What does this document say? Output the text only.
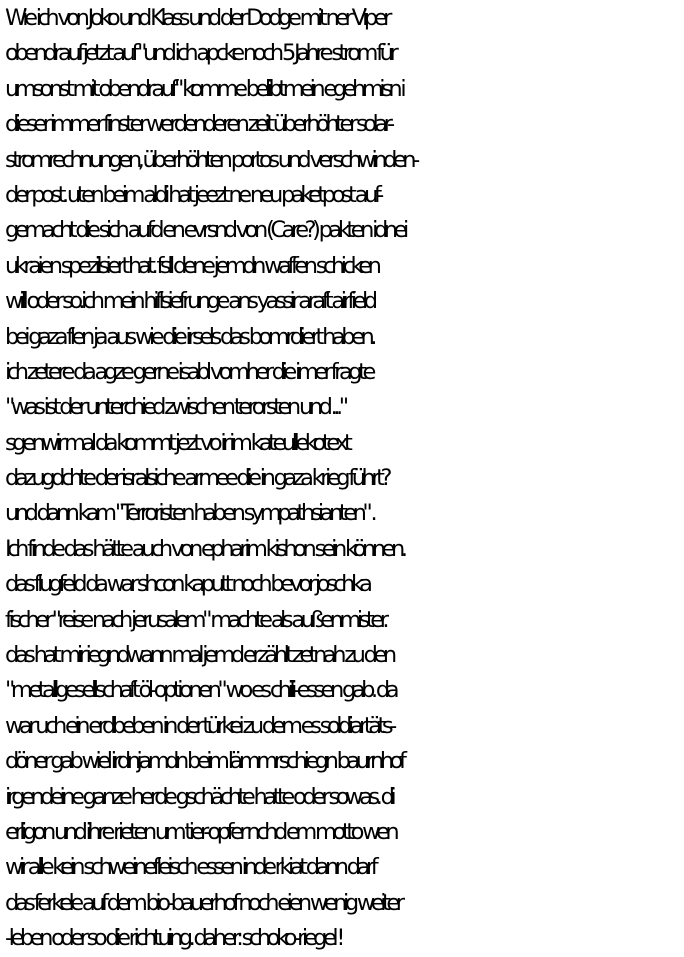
Wie ich von Joko und Klass und der Dodge mit ner Viper
obendrauf jetzt auf "und ich apcke noch 5 Jahre strom für
umsonst mit obendrauf" komme belibtmein egehmisn i
dieser immer finster werdenderen zeit überhöhter solar-
stromrechnungen, überhöhten portos und verschwinden-
der post. uten beim aldi hat jeezt ne neu paketpost auf-
gemacht die sich aufd en evrsnd von (Care?) pakten idnei
ukraien spezilsiert hat. fsll dene jemdn waffen schicken
will oder so.ich mein hiflsiefrunge ans yassir araft airfield
bei gaza flen ja aus wie die irsels das bomrdiert haben.
ich zetere da agze gerne isabl vomher die imer fragte
"was ist der unterchied zwischen terorsten und ..."
sgenwir mal da kommt jezt vo ir im kateullekotext
dazugdchte der isralsiche armee die in gaza krieg führt?
und dann kam "Terroristen haben sympathsianten" .
Ich finde das hätte auch von epharim kishon sein können.
das flugfeld da war shcon kaputt noch bevor joschka
fischer "reise nach jerusalem" machte als außenmister.
das hat mir iegndwann mal jemd erzählt zetnah zu den
"metallgesellschaft öl-optionen" wo es chili-essen gab. da
war uch ein erdbeben in der türkei zu dem es soldiartäts-
döner gab wiel irdnjamdn beim lämmrschiegn baurnhof
irgendeine ganze herde gschächte hatte oder sowas. di
erligon und ihre rieten um tier-opfer nchd em motto wen
wir alle kein schweinefleisch essen inde rkiat dann darf
das ferkele auf dem bio-bauerhof noch eien wenig weiter
-leben oder so die richtuing. daher: schoko-riegel !
